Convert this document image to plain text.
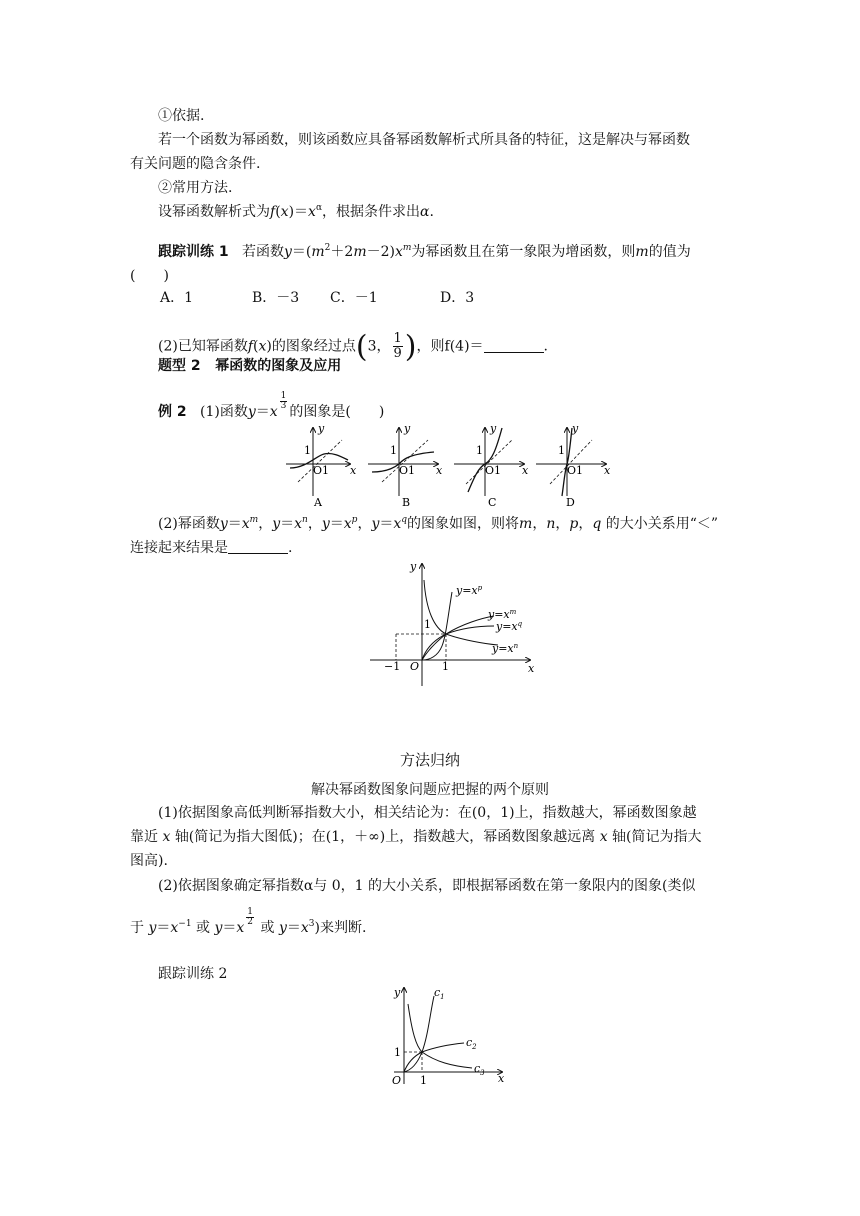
①依据.
若一个函数为幂函数，则该函数应具备幂函数解析式所具备的特征，这是解决与幂函数
有关问题的隐含条件.
②常用方法.
设幂函数解析式为$f(x)=x^\alpha$，根据条件求出α.
跟踪训练 1 若函数$y=(m^2+2m-2)x^m$为幂函数且在第一象限为增函数，则m的值为
(　　)
A．1	B．－3 C．－1	D．3
(2)已知幂函数f(x)的图象经过点(3， $\frac{1}{9}$)，则f(4)＝	.
题型 2 幂函数的图象及应用
例 2 (1)函数y＝x
$\frac{1}{3}$
的图象是(　　)
y
x
1
O1
A
y
x
1
O1
B
y
x
1
O1
C
y
x
1
O1
D
(2)幂函数$y=x^m$，$y=x^n$，$y=x^p$，$y=x^q$的图象如图，则将m，n，p，q 的大小关系用“＜”
连接起来结果是	.
y
x
O
−1	1
1
$y=x^p$
$y=x^m$
$y=x^q$
$y=x^n$
方法归纳
解决幂函数图象问题应把握的两个原则
(1)依据图象高低判断幂指数大小，相关结论为：在(0，1)上，指数越大，幂函数图象越
靠近 x 轴(简记为指大图低)；在(1，＋∞)上，指数越大，幂函数图象越远离 x 轴(简记为指大
图高).
(2)依据图象确定幂指数α与 0，1 的大小关系，即根据幂函数在第一象限内的图象(类似
于 $y=x^{-1}$ 或 y＝x
$\frac{1}{2}$
或 $y=x^3$)来判断.
跟踪训练 2
y
x
O 1
1
$c_1$
$c_2$
$c_3$
